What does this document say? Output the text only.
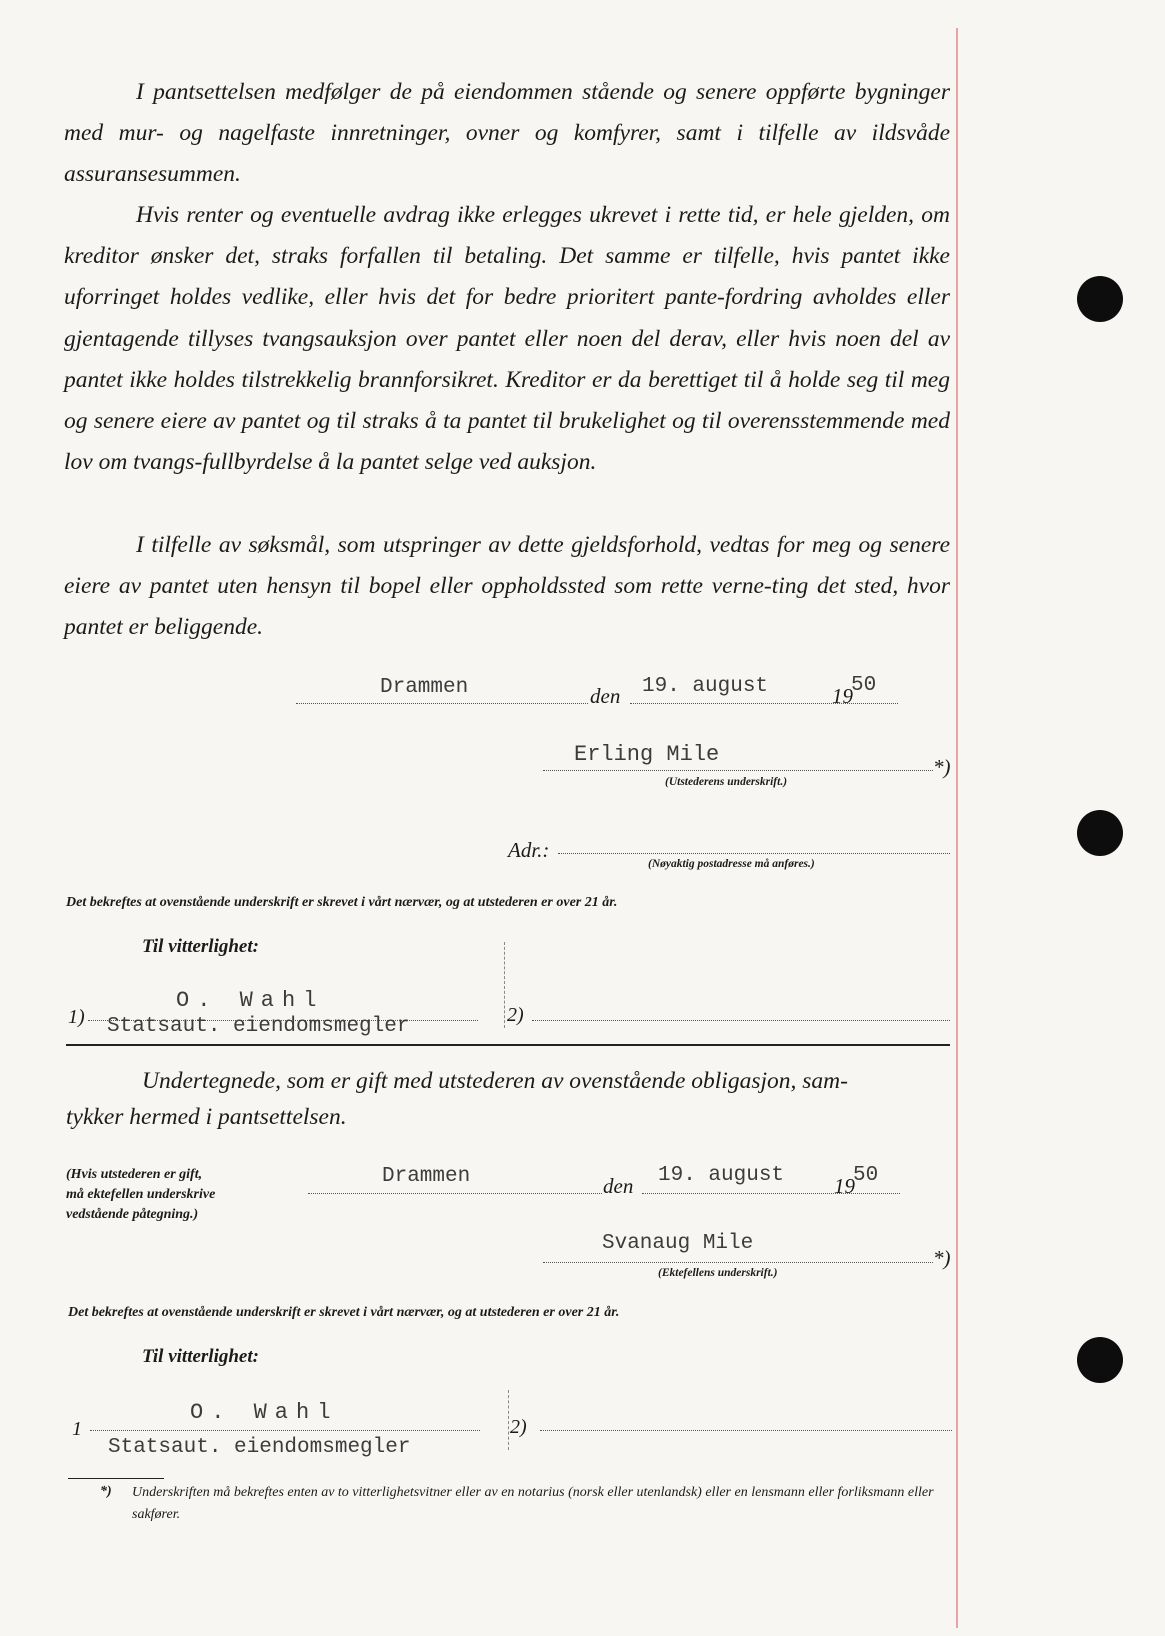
I pantsettelsen medfølger de på eiendommen stående og senere oppførte bygninger med mur- og nagelfaste innretninger, ovner og komfyrer, samt i tilfelle av ildsvåde assuransesummen.
Hvis renter og eventuelle avdrag ikke erlegges ukrevet i rette tid, er hele gjelden, om kreditor ønsker det, straks forfallen til betaling. Det samme er tilfelle, hvis pantet ikke uforringet holdes vedlike, eller hvis det for bedre prioritert pante-fordring avholdes eller gjentagende tillyses tvangsauksjon over pantet eller noen del derav, eller hvis noen del av pantet ikke holdes tilstrekkelig brannforsikret. Kreditor er da berettiget til å holde seg til meg og senere eiere av pantet og til straks å ta pantet til brukelighet og til overensstemmende med lov om tvangs-fullbyrdelse å la pantet selge ved auksjon.
I tilfelle av søksmål, som utspringer av dette gjeldsforhold, vedtas for meg og senere eiere av pantet uten hensyn til bopel eller oppholdssted som rette verne-ting det sted, hvor pantet er beliggende.
Drammen	den 19. august	19
50
Erling Mile	*)
(Utstederens underskrift.)
Adr.:
(Nøyaktig postadresse må anføres.)
Det bekreftes at ovenstående underskrift er skrevet i vårt nærvær, og at utstederen er over 21 år.
Til vitterlighet:
1)
O. Wahl
Statsaut. eiendomsmegler	2)
Undertegnede, som er gift med utstederen av ovenstående obligasjon, sam-
tykker hermed i pantsettelsen.
(Hvis utstederen er gift,
må ektefellen underskrive
vedstående påtegning.)
Drammen	den 19. august 19
50
Svanaug Mile
*)
(Ektefellens underskrift.)
Det bekreftes at ovenstående underskrift er skrevet i vårt nærvær, og at utstederen er over 21 år.
Til vitterlighet:
1
O. Wahl
Statsaut. eiendomsmegler
2)
*) Underskriften må bekreftes enten av to vitterlighetsvitner eller av en notarius (norsk eller utenlandsk) eller en lensmann eller forliksmann eller sakfører.
